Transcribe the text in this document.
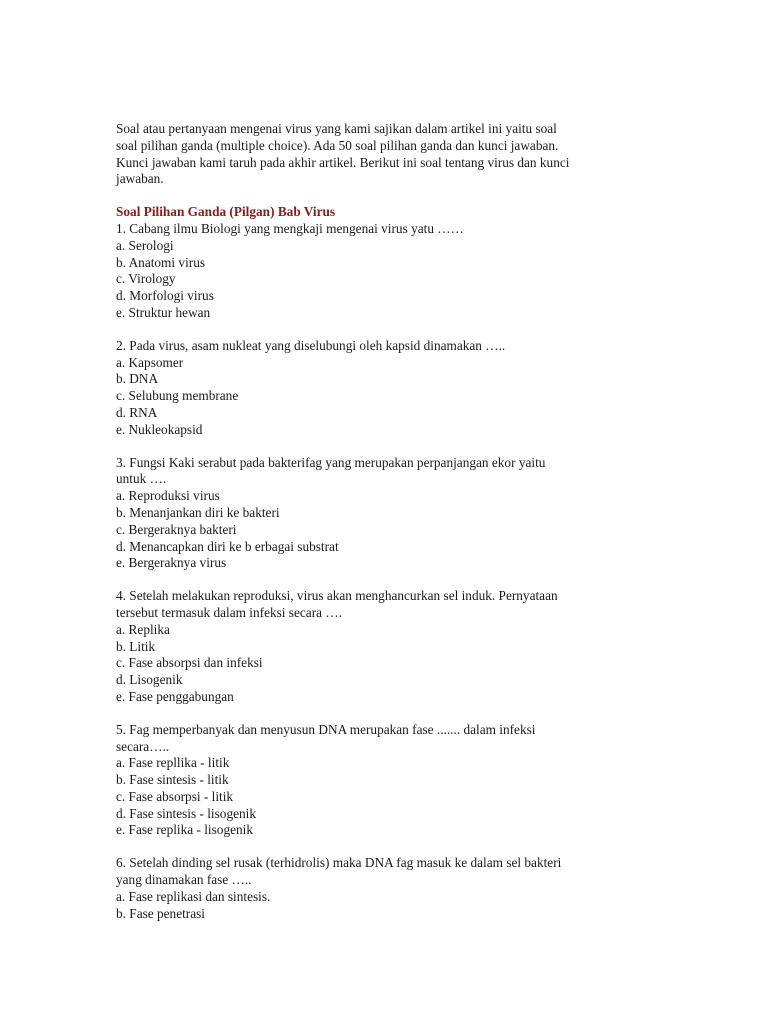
Soal atau pertanyaan mengenai virus yang kami sajikan dalam artikel ini yaitu soal
soal pilihan ganda (multiple choice). Ada 50 soal pilihan ganda dan kunci jawaban.
Kunci jawaban kami taruh pada akhir artikel. Berikut ini soal tentang virus dan kunci
jawaban.
Soal Pilihan Ganda (Pilgan) Bab Virus
1. Cabang ilmu Biologi yang mengkaji mengenai virus yatu ……
a. Serologi
b. Anatomi virus
c. Virology
d. Morfologi virus
e. Struktur hewan
2. Pada virus, asam nukleat yang diselubungi oleh kapsid dinamakan …..
a. Kapsomer
b. DNA
c. Selubung membrane
d. RNA
e. Nukleokapsid
3. Fungsi Kaki serabut pada bakterifag yang merupakan perpanjangan ekor yaitu
untuk ….
a. Reproduksi virus
b. Menanjankan diri ke bakteri
c. Bergeraknya bakteri
d. Menancapkan diri ke b erbagai substrat
e. Bergeraknya virus
4. Setelah melakukan reproduksi, virus akan menghancurkan sel induk. Pernyataan
tersebut termasuk dalam infeksi secara ….
a. Replika
b. Litik
c. Fase absorpsi dan infeksi
d. Lisogenik
e. Fase penggabungan
5. Fag memperbanyak dan menyusun DNA merupakan fase ....... dalam infeksi
secara…..
a. Fase repllika - litik
b. Fase sintesis - litik
c. Fase absorpsi - litik
d. Fase sintesis - lisogenik
e. Fase replika - lisogenik
6. Setelah dinding sel rusak (terhidrolis) maka DNA fag masuk ke dalam sel bakteri
yang dinamakan fase …..
a. Fase replikasi dan sintesis.
b. Fase penetrasi
